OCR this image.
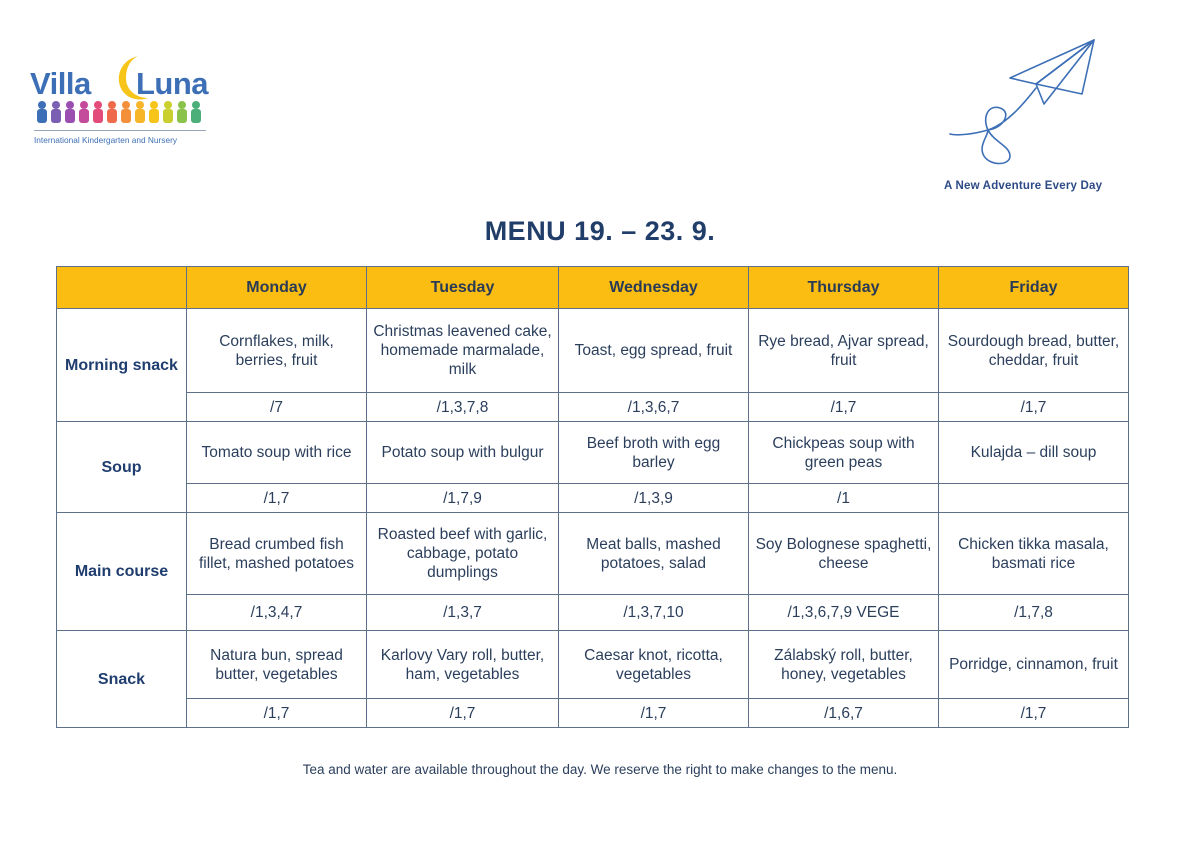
Villa Luna
International Kindergarten and Nursery
A New Adventure Every Day
MENU 19. – 23. 9.
	Monday	Tuesday	Wednesday	Thursday	Friday
Morning snack	Cornflakes, milk, berries, fruit	Christmas leavened cake, homemade marmalade, milk	Toast, egg spread, fruit	Rye bread, Ajvar spread, fruit	Sourdough bread, butter, cheddar, fruit
	/7	/1,3,7,8	/1,3,6,7	/1,7	/1,7
Soup	Tomato soup with rice	Potato soup with bulgur	Beef broth with egg barley	Chickpeas soup with green peas	Kulajda – dill soup
	/1,7	/1,7,9	/1,3,9	/1	
Main course	Bread crumbed fish fillet, mashed potatoes	Roasted beef with garlic, cabbage, potato dumplings	Meat balls, mashed potatoes, salad	Soy Bolognese spaghetti, cheese	Chicken tikka masala, basmati rice
	/1,3,4,7	/1,3,7	/1,3,7,10	/1,3,6,7,9 VEGE	/1,7,8
Snack	Natura bun, spread butter, vegetables	Karlovy Vary roll, butter, ham, vegetables	Caesar knot, ricotta, vegetables	Zálabský roll, butter, honey, vegetables	Porridge, cinnamon, fruit
	/1,7	/1,7	/1,7	/1,6,7	/1,7
Tea and water are available throughout the day. We reserve the right to make changes to the menu.
